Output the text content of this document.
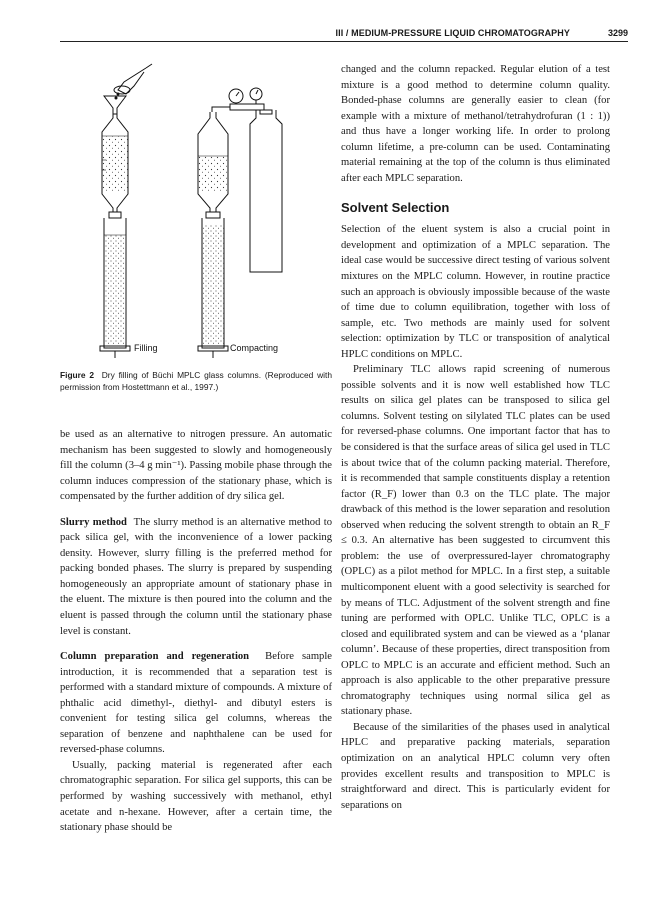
III / MEDIUM-PRESSURE LIQUID CHROMATOGRAPHY	3299
Filling	Compacting
Figure 2 Dry filling of Büchi MPLC glass columns. (Reproduced with permission from Hostettmann et al., 1997.)

be used as an alternative to nitrogen pressure. An automatic mechanism has been suggested to slowly and homogeneously fill the column (3–4 g min⁻¹). Passing mobile phase through the column induces compression of the stationary phase, which is compensated by the further addition of dry silica gel.

Slurry method The slurry method is an alternative method to pack silica gel, with the inconvenience of a lower packing density. However, slurry filling is the preferred method for packing bonded phases. The slurry is prepared by suspending homogeneously an appropriate amount of stationary phase in the eluent. The mixture is then poured into the column and the eluent is passed through the column until the stationary phase level is constant.

Column preparation and regeneration Before sample introduction, it is recommended that a separation test is performed with a standard mixture of compounds. A mixture of phthalic acid dimethyl-, diethyl- and dibutyl esters is convenient for testing silica gel columns, whereas the separation of benzene and naphthalene can be used for reversed-phase columns.

Usually, packing material is regenerated after each chromatographic separation. For silica gel supports, this can be performed by washing successively with methanol, ethyl acetate and n-hexane. However, after a certain time, the stationary phase should be

changed and the column repacked. Regular elution of a test mixture is a good method to determine column quality. Bonded-phase columns are generally easier to clean (for example with a mixture of methanol/tetrahydrofuran (1 : 1)) and thus have a longer working life. In order to prolong column lifetime, a pre-column can be used. Contaminating material remaining at the top of the column is thus eliminated after each MPLC separation.

Solvent Selection

Selection of the eluent system is also a crucial point in development and optimization of a MPLC separation. The ideal case would be successive direct testing of various solvent mixtures on the MPLC column. However, in routine practice such an approach is obviously impossible because of the waste of time due to column equilibration, together with loss of sample, etc. Two methods are mainly used for solvent selection: optimization by TLC or transposition of analytical HPLC conditions on MPLC.

Preliminary TLC allows rapid screening of numerous possible solvents and it is now well established how TLC results on silica gel plates can be transposed to silica gel columns. Solvent testing on silylated TLC plates can be used for reversed-phase columns. One important factor that has to be considered is that the surface areas of silica gel used in TLC is about twice that of the column packing material. Therefore, it is recommended that sample constituents display a retention factor (R_F) lower than 0.3 on the TLC plate. The major drawback of this method is the lower separation and resolution observed when reducing the solvent strength to obtain an R_F ≤ 0.3. An alternative has been suggested to circumvent this problem: the use of overpressured-layer chromatography (OPLC) as a pilot method for MPLC. In a first step, a suitable multicomponent eluent with a good selectivity is searched for by means of TLC. Adjustment of the solvent strength and fine tuning are performed with OPLC. Unlike TLC, OPLC is a closed and equilibrated system and can be viewed as a ‘planar column’. Because of these properties, direct transposition from OPLC to MPLC is an accurate and efficient method. Such an approach is also applicable to the other preparative pressure chromatography techniques using normal silica gel as stationary phase.

Because of the similarities of the phases used in analytical HPLC and preparative packing materials, separation optimization on an analytical HPLC column very often provides excellent results and transposition to MPLC is straightforward and direct. This is particularly evident for separations on
